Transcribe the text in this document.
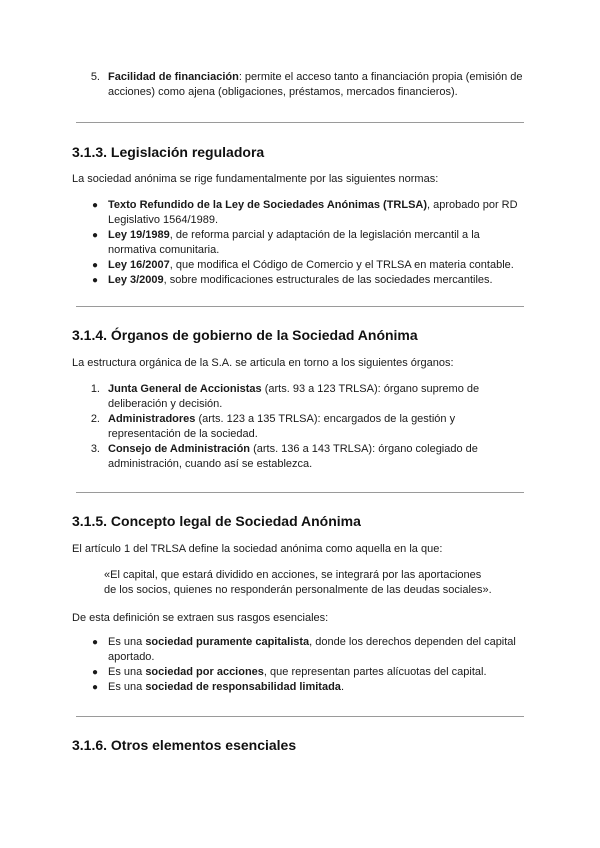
5. Facilidad de financiación: permite el acceso tanto a financiación propia (emisión de acciones) como ajena (obligaciones, préstamos, mercados financieros).
3.1.3. Legislación reguladora

La sociedad anónima se rige fundamentalmente por las siguientes normas:

● Texto Refundido de la Ley de Sociedades Anónimas (TRLSA), aprobado por RD Legislativo 1564/1989.
● Ley 19/1989, de reforma parcial y adaptación de la legislación mercantil a la normativa comunitaria.
● Ley 16/2007, que modifica el Código de Comercio y el TRLSA en materia contable.
● Ley 3/2009, sobre modificaciones estructurales de las sociedades mercantiles.
3.1.4. Órganos de gobierno de la Sociedad Anónima

La estructura orgánica de la S.A. se articula en torno a los siguientes órganos:

1. Junta General de Accionistas (arts. 93 a 123 TRLSA): órgano supremo de deliberación y decisión.
2. Administradores (arts. 123 a 135 TRLSA): encargados de la gestión y representación de la sociedad.
3. Consejo de Administración (arts. 136 a 143 TRLSA): órgano colegiado de administración, cuando así se establezca.
3.1.5. Concepto legal de Sociedad Anónima

El artículo 1 del TRLSA define la sociedad anónima como aquella en la que:

«El capital, que estará dividido en acciones, se integrará por las aportaciones de los socios, quienes no responderán personalmente de las deudas sociales».

De esta definición se extraen sus rasgos esenciales:

● Es una sociedad puramente capitalista, donde los derechos dependen del capital aportado.
● Es una sociedad por acciones, que representan partes alícuotas del capital.
● Es una sociedad de responsabilidad limitada.
3.1.6. Otros elementos esenciales
